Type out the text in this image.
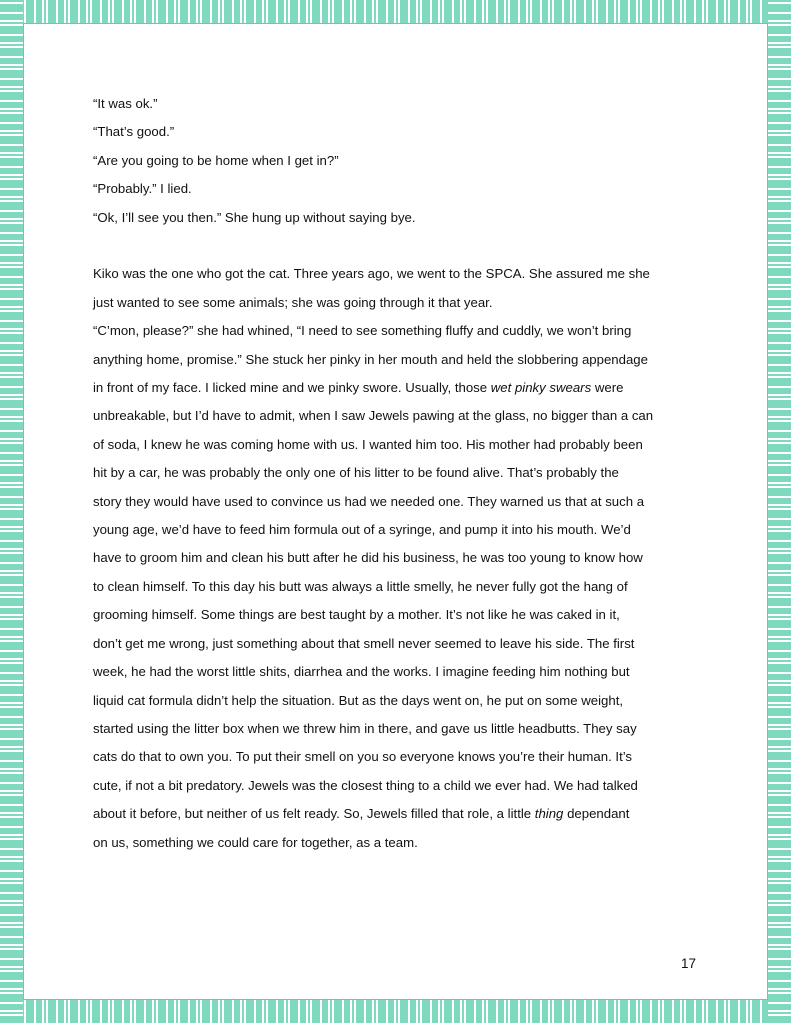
“It was ok.”

“That’s good.”

“Are you going to be home when I get in?”

“Probably.” I lied.

“Ok, I’ll see you then.” She hung up without saying bye.

Kiko was the one who got the cat. Three years ago, we went to the SPCA. She assured me she

just wanted to see some animals; she was going through it that year.

“C’mon, please?” she had whined, “I need to see something fluffy and cuddly, we won’t bring

anything home, promise.” She stuck her pinky in her mouth and held the slobbering appendage

in front of my face. I licked mine and we pinky swore. Usually, those wet pinky swears were

unbreakable, but I’d have to admit, when I saw Jewels pawing at the glass, no bigger than a can

of soda, I knew he was coming home with us. I wanted him too. His mother had probably been

hit by a car, he was probably the only one of his litter to be found alive. That’s probably the

story they would have used to convince us had we needed one. They warned us that at such a

young age, we’d have to feed him formula out of a syringe, and pump it into his mouth. We’d

have to groom him and clean his butt after he did his business, he was too young to know how

to clean himself. To this day his butt was always a little smelly, he never fully got the hang of

grooming himself. Some things are best taught by a mother. It’s not like he was caked in it,

don’t get me wrong, just something about that smell never seemed to leave his side. The first

week, he had the worst little shits, diarrhea and the works. I imagine feeding him nothing but

liquid cat formula didn’t help the situation. But as the days went on, he put on some weight,

started using the litter box when we threw him in there, and gave us little headbutts. They say

cats do that to own you. To put their smell on you so everyone knows you’re their human. It’s

cute, if not a bit predatory. Jewels was the closest thing to a child we ever had. We had talked

about it before, but neither of us felt ready. So, Jewels filled that role, a little thing dependant

on us, something we could care for together, as a team.

17
